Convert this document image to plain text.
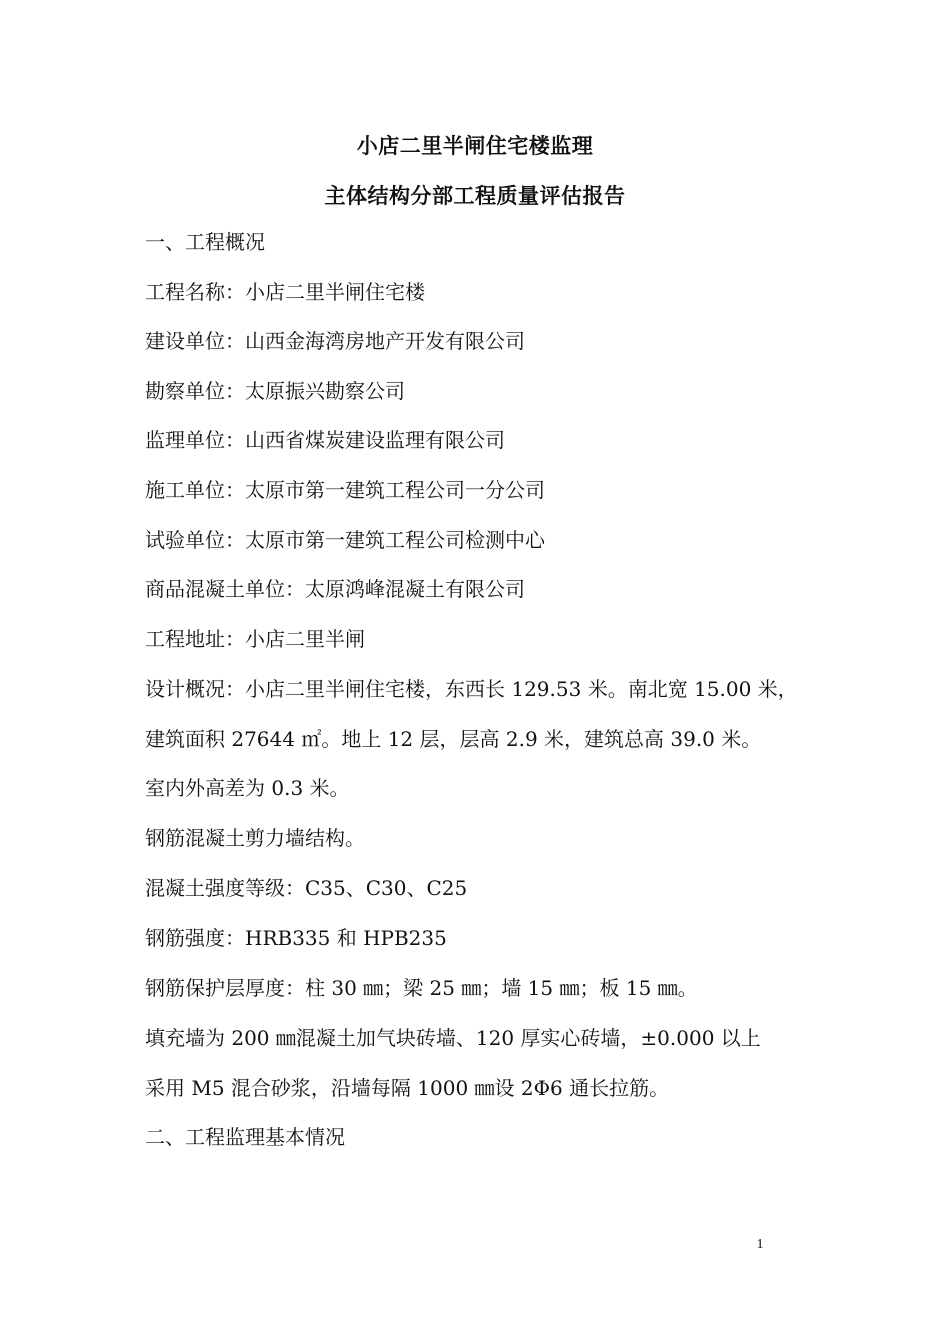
小店二里半闸住宅楼监理
主体结构分部工程质量评估报告
一、工程概况
工程名称：小店二里半闸住宅楼
建设单位：山西金海湾房地产开发有限公司
勘察单位：太原振兴勘察公司
监理单位：山西省煤炭建设监理有限公司
施工单位：太原市第一建筑工程公司一分公司
试验单位：太原市第一建筑工程公司检测中心
商品混凝土单位：太原鸿峰混凝土有限公司
工程地址：小店二里半闸
设计概况：小店二里半闸住宅楼，东西长 129.53 米。南北宽 15.00 米，
建筑面积 27644 ㎡。地上 12 层，层高 2.9 米，建筑总高 39.0 米。
室内外高差为 0.3 米。
钢筋混凝土剪力墙结构。
混凝土强度等级：C35、C30、C25
钢筋强度：HRB335 和 HPB235
钢筋保护层厚度：柱 30 ㎜；梁 25 ㎜；墙 15 ㎜；板 15 ㎜。
填充墙为 200 ㎜混凝土加气块砖墙、120 厚实心砖墙，±0.000 以上
采用 M5 混合砂浆，沿墙每隔 1000 ㎜设 2Φ6 通长拉筋。
二、工程监理基本情况
1
